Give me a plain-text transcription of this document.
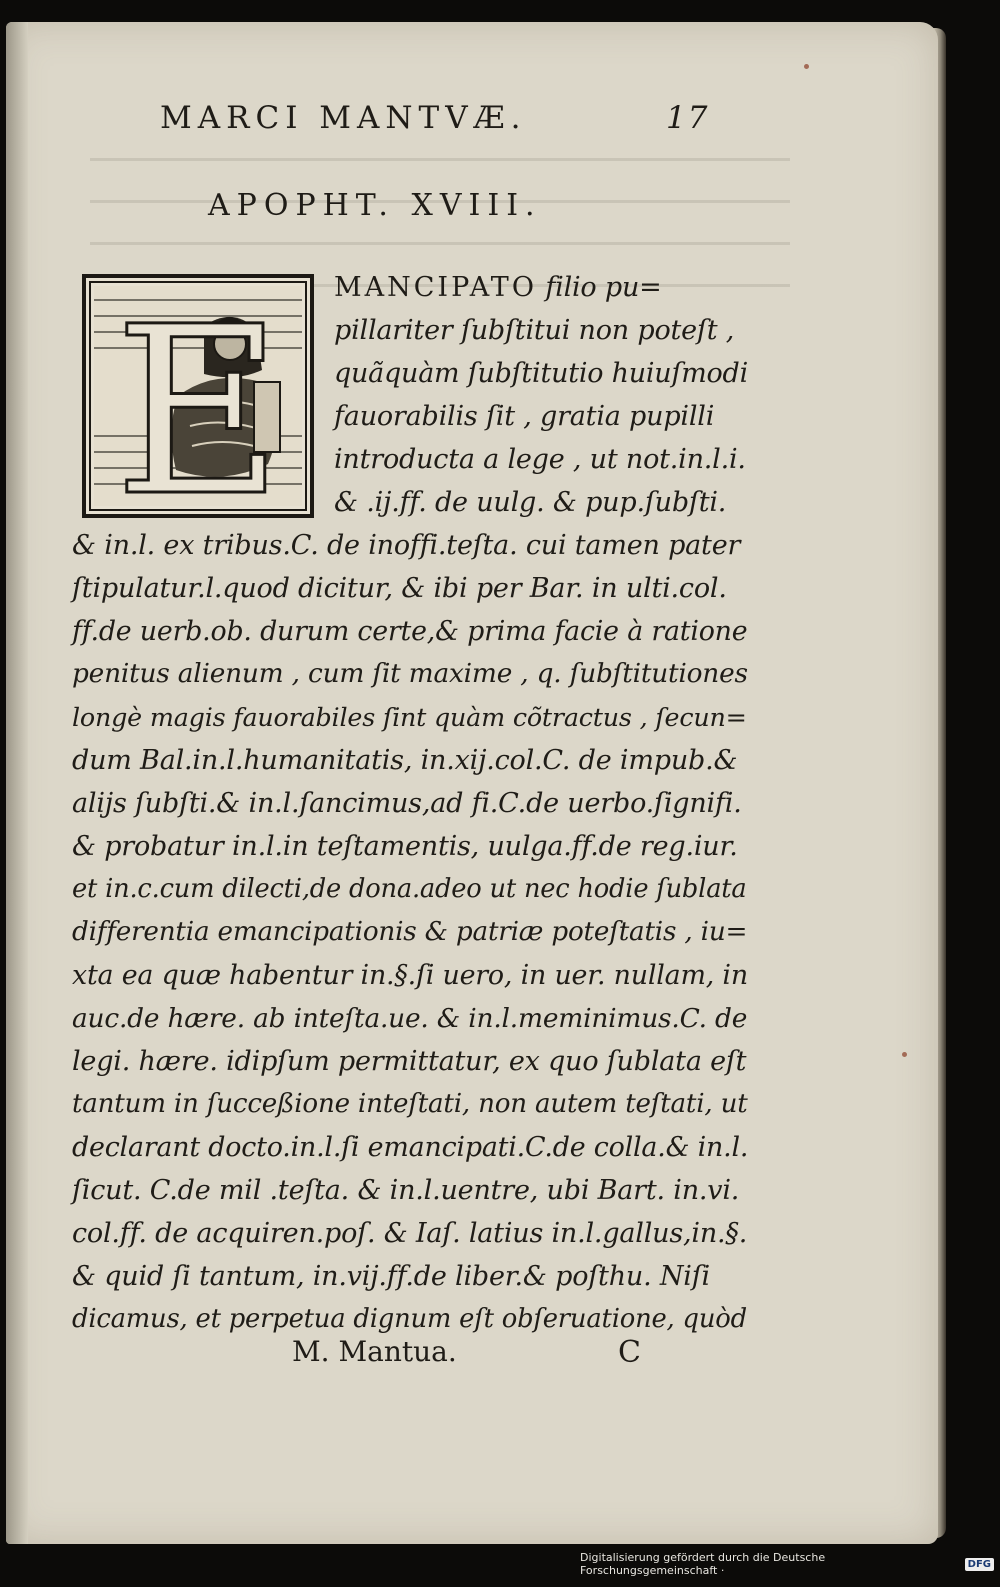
MARCI MANTVÆ.	17
APOPHT. XVIII.
E MANCIPATO filio pu=
pillariter ſubſtitui non poteſt ,
quãquàm ſubſtitutio huiuſmodi
fauorabilis ſit , gratia pupilli
introducta a lege , ut not.in.l.i.
& .ij.ff. de uulg. & pup.ſubſti.
& in.l. ex tribus.C. de inoffi.teſta. cui tamen pater
ſtipulatur.l.quod dicitur, & ibi per Bar. in ulti.col.
ff.de uerb.ob. durum certe,& prima facie à ratione
penitus alienum , cum ſit maxime , q. ſubſtitutiones
longè magis fauorabiles ſint quàm cõtractus , ſecun=
dum Bal.in.l.humanitatis, in.xij.col.C. de impub.&
alijs ſubſti.& in.l.ſancimus,ad fi.C.de uerbo.ſignifi.
& probatur in.l.in teſtamentis, uulga.ff.de reg.iur.
et in.c.cum dilecti,de dona.adeo ut nec hodie ſublata
differentia emancipationis & patriæ poteſtatis , iu=
xta ea quæ habentur in.§.ſi uero, in uer. nullam, in
auc.de hære. ab inteſta.ue. & in.l.meminimus.C. de
legi. hære. idipſum permittatur, ex quo ſublata eſt
tantum in ſucceßione inteſtati, non autem teſtati, ut
declarant docto.in.l.ſi emancipati.C.de colla.& in.l.
ſicut. C.de mil .teſta. & in.l.uentre, ubi Bart. in.vi.
col.ff. de acquiren.poſ. & Iaſ. latius in.l.gallus,in.§.
& quid ſi tantum, in.vij.ff.de liber.& poſthu. Niſi
dicamus, et perpetua dignum eſt obſeruatione, quòd
M. Mantua.	C
Digitalisierung gefördert durch die Deutsche Forschungsgemeinschaft ·	DFG
